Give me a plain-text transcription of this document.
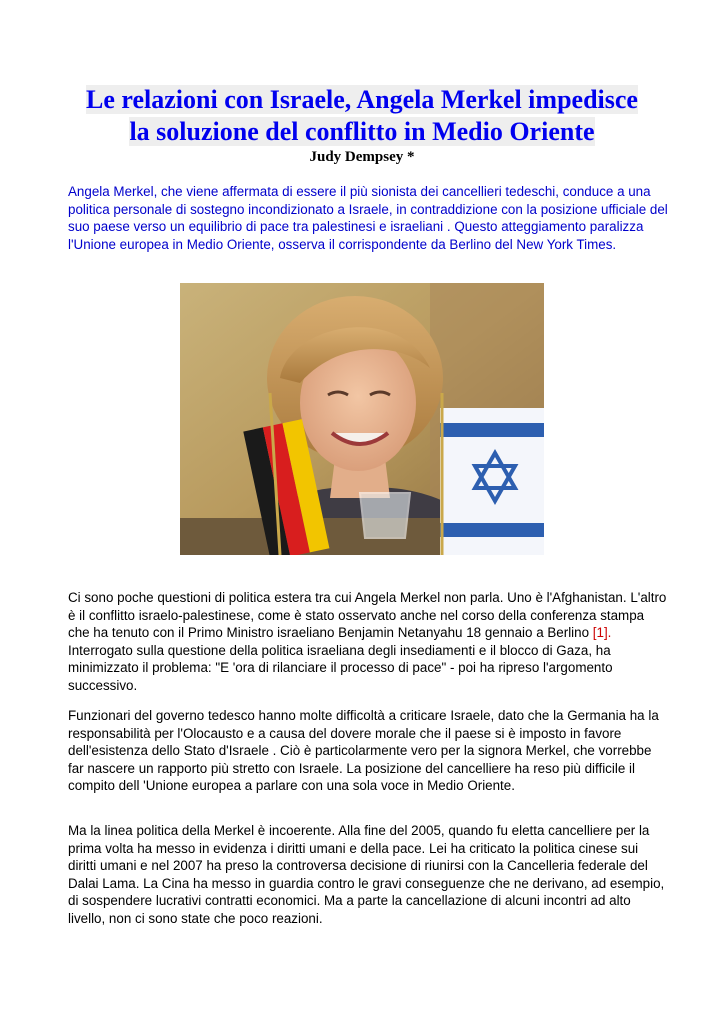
Le relazioni con Israele, Angela Merkel impedisce
la soluzione del conflitto in Medio Oriente
Judy Dempsey *

Angela Merkel, che viene affermata di essere il più sionista dei cancellieri tedeschi, conduce a una politica personale di sostegno incondizionato a Israele, in contraddizione con la posizione ufficiale del suo paese verso un equilibrio di pace tra palestinesi e israeliani . Questo atteggiamento paralizza l'Unione europea in Medio Oriente, osserva il corrispondente da Berlino del New York Times.

Ci sono poche questioni di politica estera tra cui Angela Merkel non parla. Uno è l'Afghanistan. L'altro è il conflitto israelo-palestinese, come è stato osservato anche nel corso della conferenza stampa che ha tenuto con il Primo Ministro israeliano Benjamin Netanyahu 18 gennaio a Berlino [1]. Interrogato sulla questione della politica israeliana degli insediamenti e il blocco di Gaza, ha minimizzato il problema: "E 'ora di rilanciare il processo di pace" - poi ha ripreso l'argomento successivo.

Funzionari del governo tedesco hanno molte difficoltà a criticare Israele, dato che la Germania ha la responsabilità per l'Olocausto e a causa del dovere morale che il paese si è imposto in favore dell'esistenza dello Stato d'Israele . Ciò è particolarmente vero per la signora Merkel, che vorrebbe far nascere un rapporto più stretto con Israele. La posizione del cancelliere ha reso più difficile il compito dell 'Unione europea a parlare con una sola voce in Medio Oriente.

Ma la linea politica della Merkel è incoerente. Alla fine del 2005, quando fu eletta cancelliere per la prima volta ha messo in evidenza i diritti umani e della pace. Lei ha criticato la politica cinese sui diritti umani e nel 2007 ha preso la controversa decisione di riunirsi con la Cancelleria federale del Dalai Lama. La Cina ha messo in guardia contro le gravi conseguenze che ne derivano, ad esempio, di sospendere lucrativi contratti economici. Ma a parte la cancellazione di alcuni incontri ad alto livello, non ci sono state che poco reazioni.
